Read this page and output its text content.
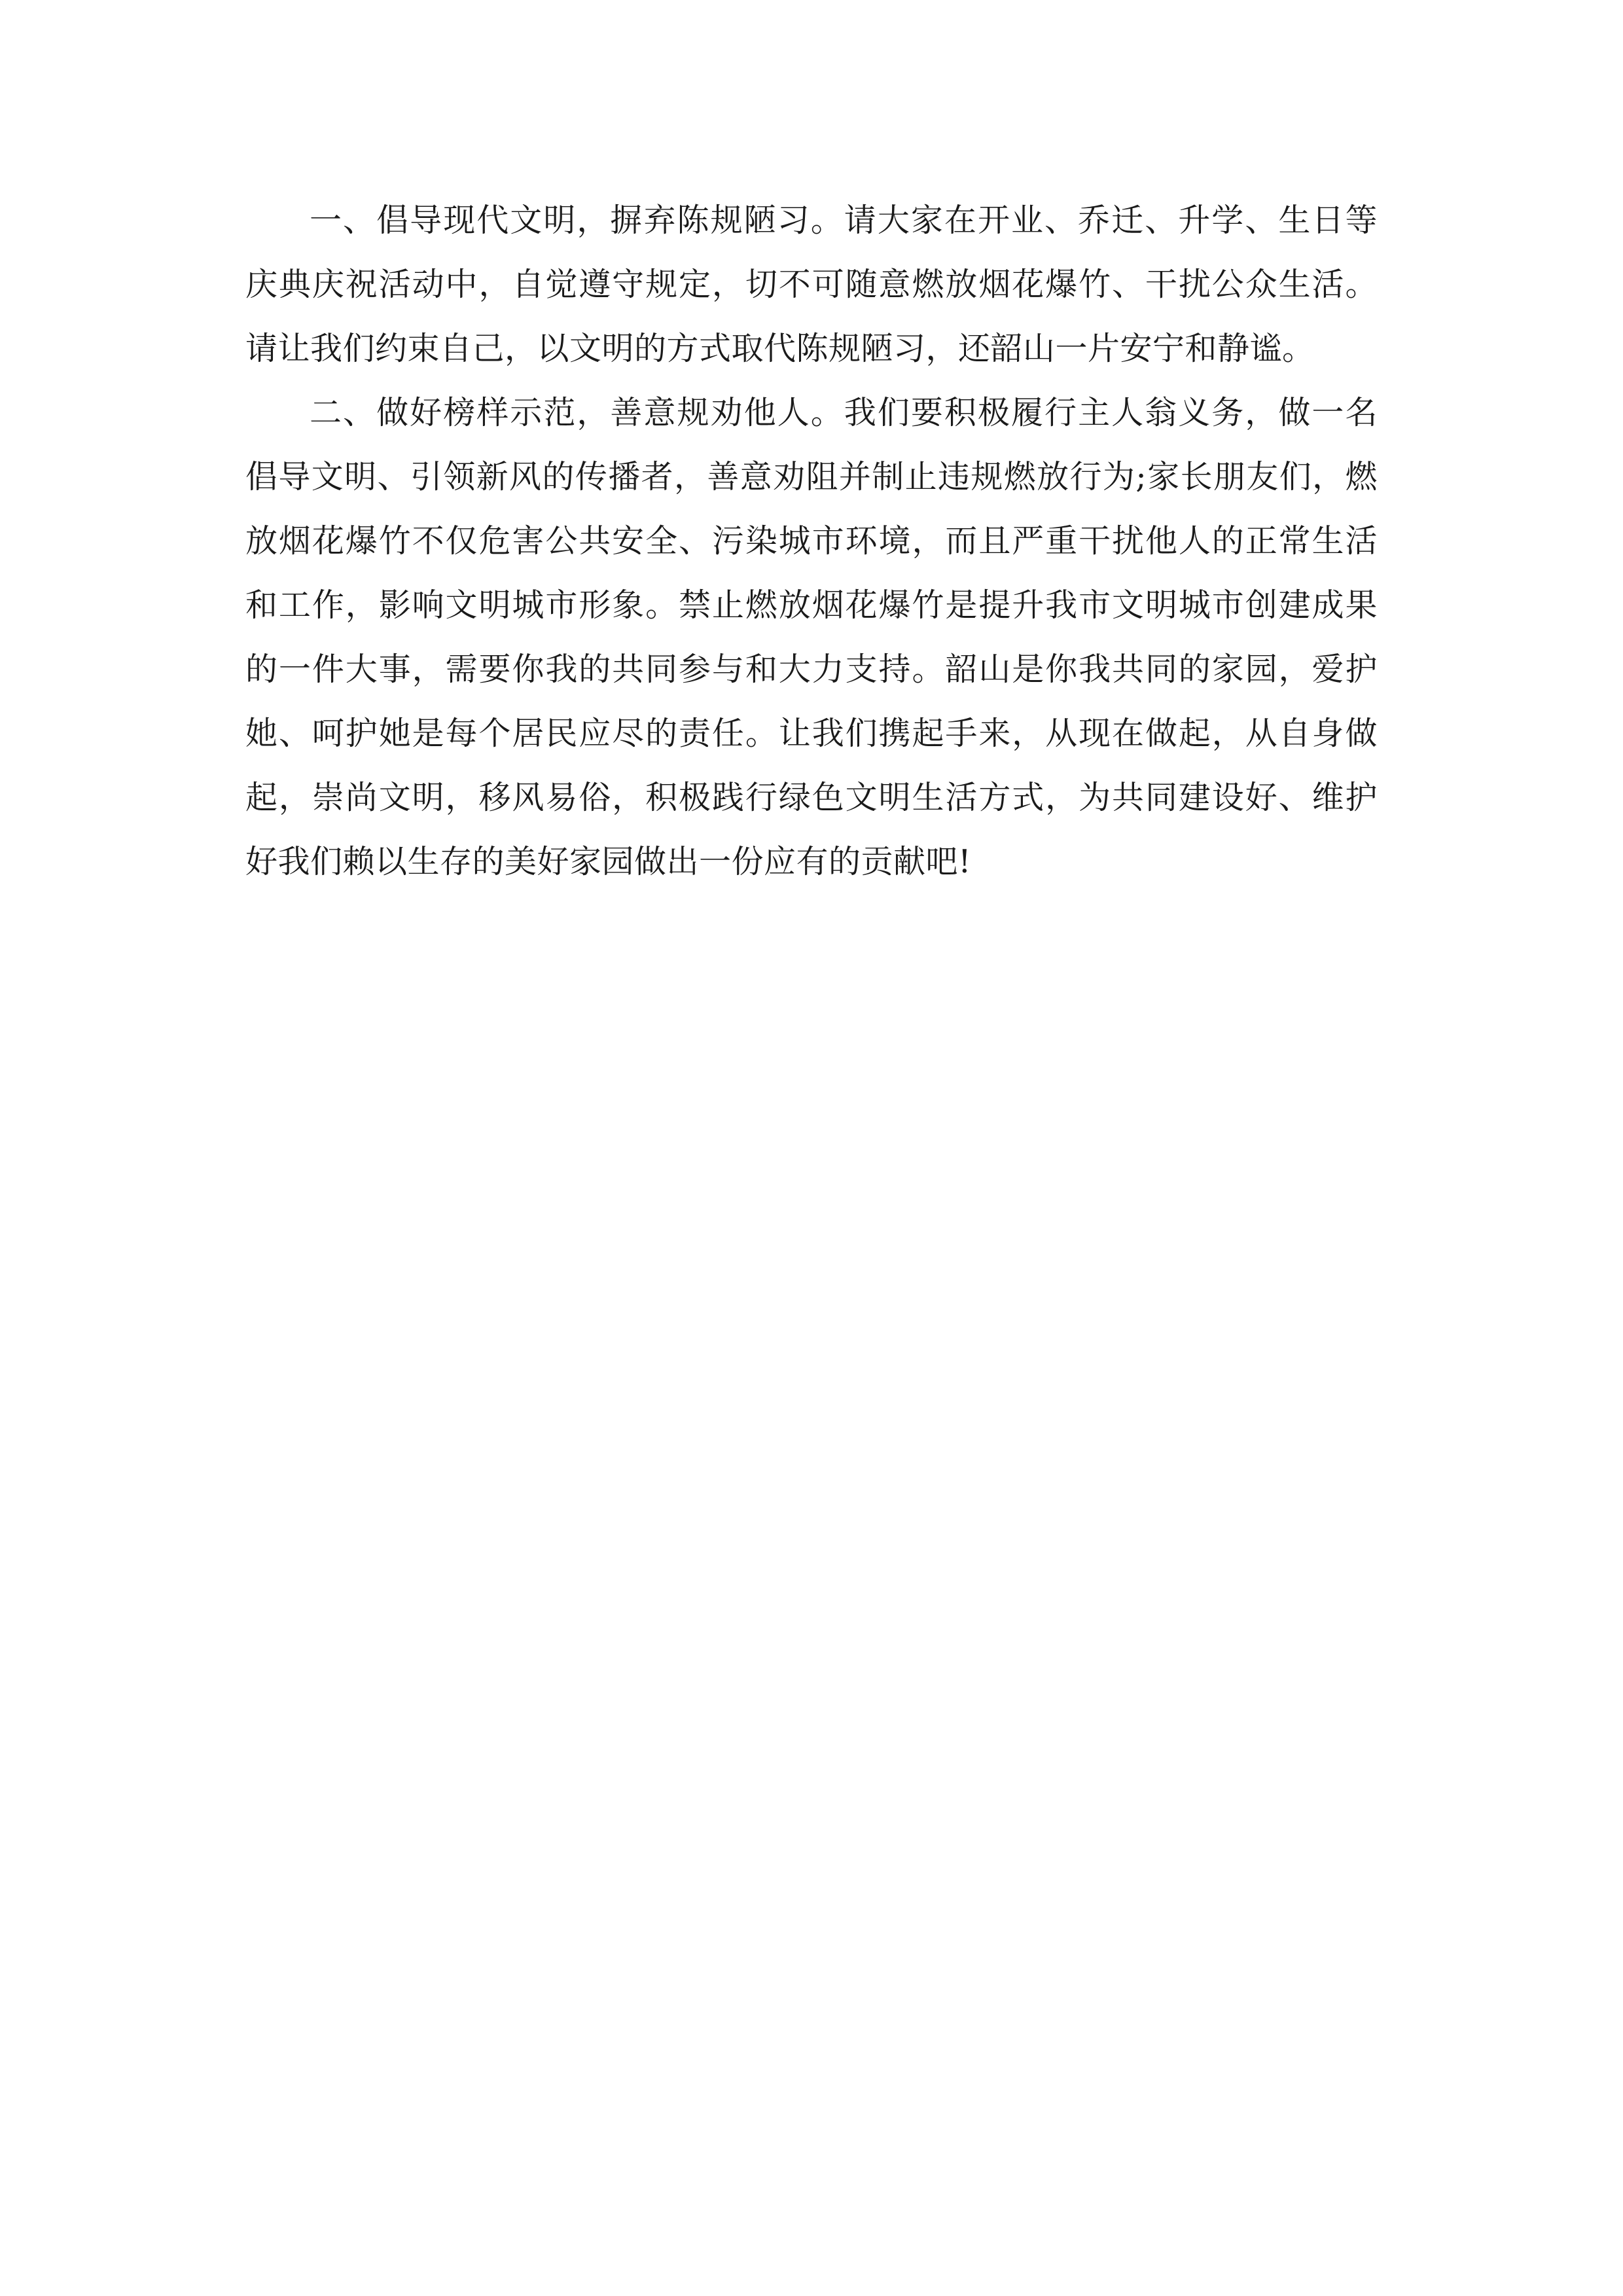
一、倡导现代文明，摒弃陈规陋习。请大家在开业、乔迁、升学、生日等庆典庆祝活动中，自觉遵守规定，切不可随意燃放烟花爆竹、干扰公众生活。请让我们约束自己，以文明的方式取代陈规陋习，还韶山一片安宁和静谧。

二、做好榜样示范，善意规劝他人。我们要积极履行主人翁义务，做一名倡导文明、引领新风的传播者，善意劝阻并制止违规燃放行为;家长朋友们，燃放烟花爆竹不仅危害公共安全、污染城市环境，而且严重干扰他人的正常生活和工作，影响文明城市形象。禁止燃放烟花爆竹是提升我市文明城市创建成果的一件大事，需要你我的共同参与和大力支持。韶山是你我共同的家园，爱护她、呵护她是每个居民应尽的责任。让我们携起手来，从现在做起，从自身做起，崇尚文明，移风易俗，积极践行绿色文明生活方式，为共同建设好、维护好我们赖以生存的美好家园做出一份应有的贡献吧!
